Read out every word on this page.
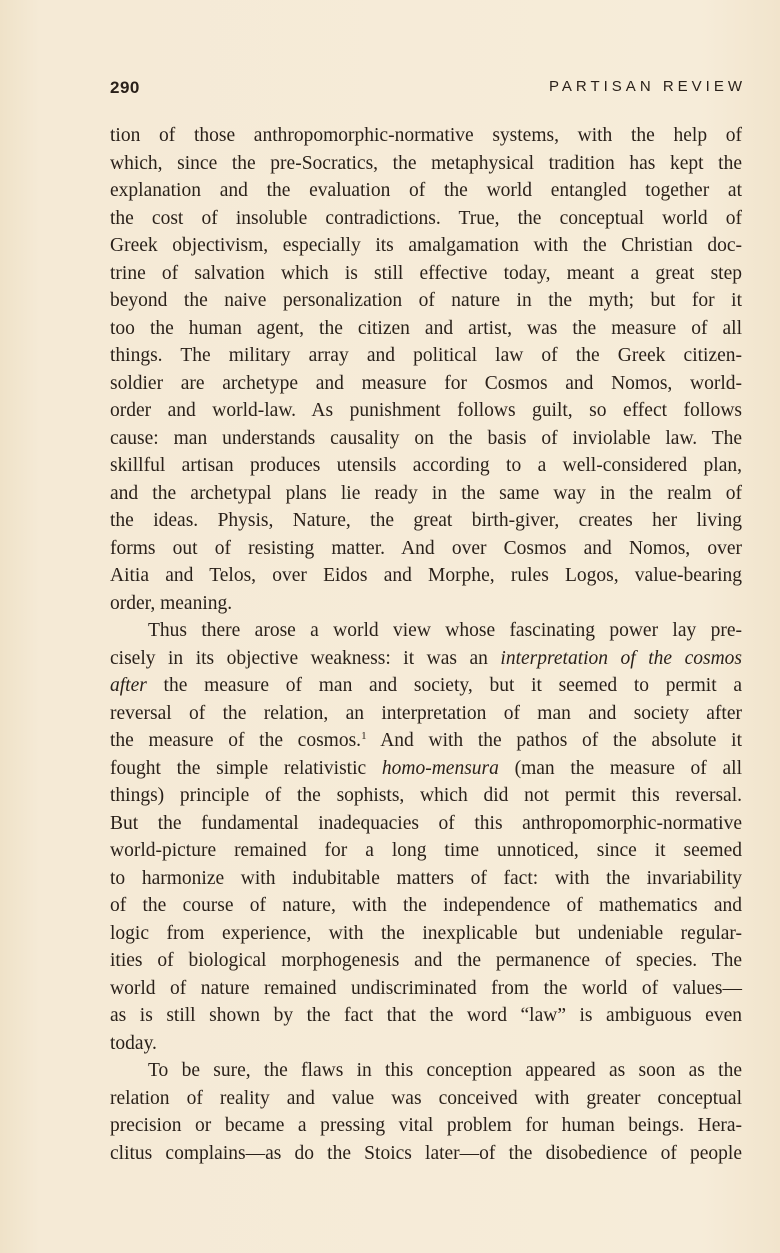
290	PARTISAN REVIEW
tion of those anthropomorphic-normative systems, with the help of
which, since the pre-Socratics, the metaphysical tradition has kept the
explanation and the evaluation of the world entangled together at
the cost of insoluble contradictions. True, the conceptual world of
Greek objectivism, especially its amalgamation with the Christian doc-
trine of salvation which is still effective today, meant a great step
beyond the naive personalization of nature in the myth; but for it
too the human agent, the citizen and artist, was the measure of all
things. The military array and political law of the Greek citizen-
soldier are archetype and measure for Cosmos and Nomos, world-
order and world-law. As punishment follows guilt, so effect follows
cause: man understands causality on the basis of inviolable law. The
skillful artisan produces utensils according to a well-considered plan,
and the archetypal plans lie ready in the same way in the realm of
the ideas. Physis, Nature, the great birth-giver, creates her living
forms out of resisting matter. And over Cosmos and Nomos, over
Aitia and Telos, over Eidos and Morphe, rules Logos, value-bearing
order, meaning.
Thus there arose a world view whose fascinating power lay pre-
cisely in its objective weakness: it was an interpretation of the cosmos
after the measure of man and society, but it seemed to permit a
reversal of the relation, an interpretation of man and society after
the measure of the cosmos.$^1$ And with the pathos of the absolute it
fought the simple relativistic homo-mensura (man the measure of all
things) principle of the sophists, which did not permit this reversal.
But the fundamental inadequacies of this anthropomorphic-normative
world-picture remained for a long time unnoticed, since it seemed
to harmonize with indubitable matters of fact: with the invariability
of the course of nature, with the independence of mathematics and
logic from experience, with the inexplicable but undeniable regular-
ities of biological morphogenesis and the permanence of species. The
world of nature remained undiscriminated from the world of values—
as is still shown by the fact that the word “law” is ambiguous even
today.
To be sure, the flaws in this conception appeared as soon as the
relation of reality and value was conceived with greater conceptual
precision or became a pressing vital problem for human beings. Hera-
clitus complains—as do the Stoics later—of the disobedience of people
